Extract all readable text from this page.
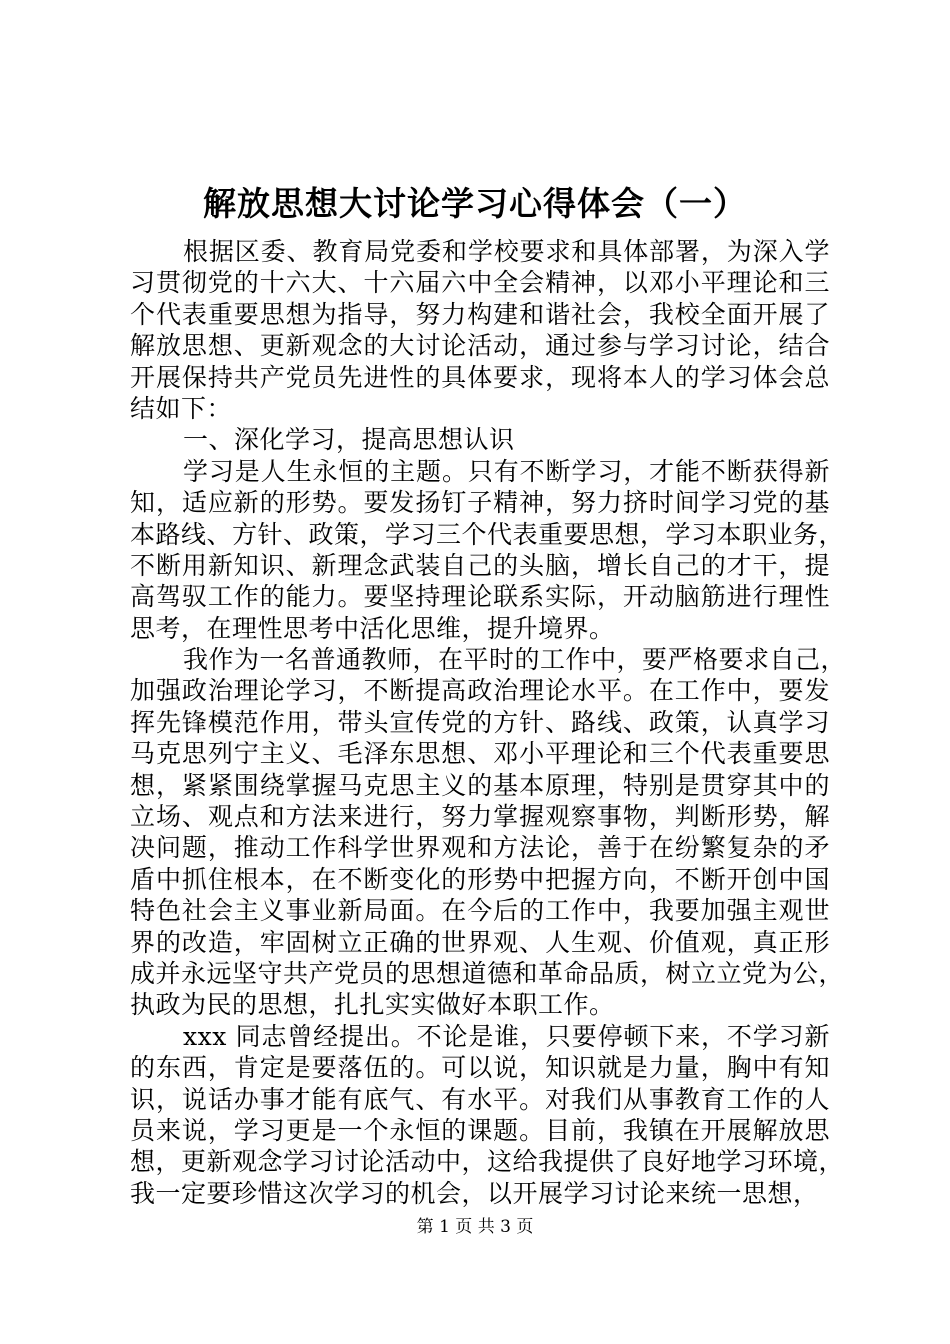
解放思想大讨论学习心得体会（一）
根据区委、教育局党委和学校要求和具体部署，为深入学
习贯彻党的十六大、十六届六中全会精神，以邓小平理论和三
个代表重要思想为指导，努力构建和谐社会，我校全面开展了
解放思想、更新观念的大讨论活动，通过参与学习讨论，结合
开展保持共产党员先进性的具体要求，现将本人的学习体会总
结如下：
一、深化学习，提高思想认识
学习是人生永恒的主题。只有不断学习，才能不断获得新
知，适应新的形势。要发扬钉子精神，努力挤时间学习党的基
本路线、方针、政策，学习三个代表重要思想，学习本职业务，
不断用新知识、新理念武装自己的头脑，增长自己的才干，提
高驾驭工作的能力。要坚持理论联系实际，开动脑筋进行理性
思考，在理性思考中活化思维，提升境界。
我作为一名普通教师，在平时的工作中，要严格要求自己，
加强政治理论学习，不断提高政治理论水平。在工作中，要发
挥先锋模范作用，带头宣传党的方针、路线、政策，认真学习
马克思列宁主义、毛泽东思想、邓小平理论和三个代表重要思
想，紧紧围绕掌握马克思主义的基本原理，特别是贯穿其中的
立场、观点和方法来进行，努力掌握观察事物，判断形势，解
决问题，推动工作科学世界观和方法论，善于在纷繁复杂的矛
盾中抓住根本，在不断变化的形势中把握方向，不断开创中国
特色社会主义事业新局面。在今后的工作中，我要加强主观世
界的改造，牢固树立正确的世界观、人生观、价值观，真正形
成并永远坚守共产党员的思想道德和革命品质，树立立党为公，
执政为民的思想，扎扎实实做好本职工作。
xxx 同志曾经提出。不论是谁，只要停顿下来，不学习新
的东西，肯定是要落伍的。可以说，知识就是力量，胸中有知
识，说话办事才能有底气、有水平。对我们从事教育工作的人
员来说，学习更是一个永恒的课题。目前，我镇在开展解放思
想，更新观念学习讨论活动中，这给我提供了良好地学习环境，
我一定要珍惜这次学习的机会，以开展学习讨论来统一思想，
第 1 页 共 3 页
